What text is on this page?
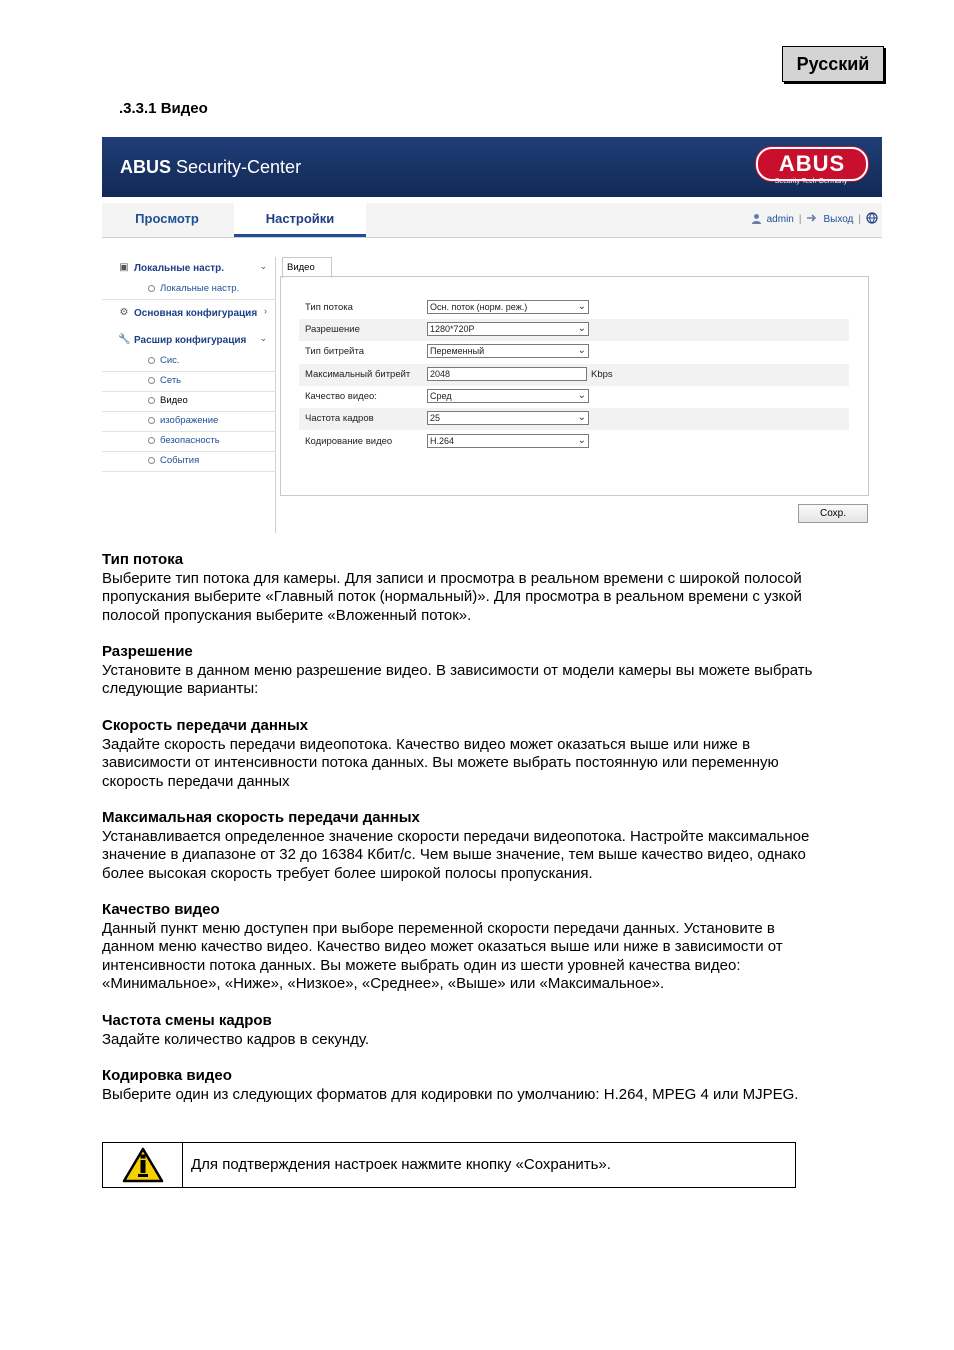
Русский
.3.3.1 Видео
ABUS Security-Center	ABUS
Security Tech Germany
Просмотр	Настройки	admin | Выход |
▣ Локальные настр.	⌄
Локальные настр.
⚙ Основная конфигурация ›
🔧 Расшир конфигурация ⌄
Сис.
Сеть
Видео
изображение
безопасность
События
Видео
Тип потока	Осн. поток (норм. реж.)	⌄
Разрешение	1280*720P	⌄
Тип битрейта	Переменный	⌄
Максимальный битрейт	2048	Kbps
Качество видео:	Сред	⌄
Частота кадров	25	⌄
Кодирование видео	H.264	⌄
Сохр.
Тип потока

Выберите тип потока для камеры. Для записи и просмотра в реальном времени с широкой полосой

пропускания выберите «Главный поток (нормальный)». Для просмотра в реальном времени с узкой

полосой пропускания выберите «Вложенный поток».

Разрешение

Установите в данном меню разрешение видео. В зависимости от модели камеры вы можете выбрать

следующие варианты:

Скорость передачи данных

Задайте скорость передачи видеопотока. Качество видео может оказаться выше или ниже в

зависимости от интенсивности потока данных. Вы можете выбрать постоянную или переменную

скорость передачи данных

Максимальная скорость передачи данных

Устанавливается определенное значение скорости передачи видеопотока. Настройте максимальное

значение в диапазоне от 32 до 16384 Кбит/с. Чем выше значение, тем выше качество видео, однако

более высокая скорость требует более широкой полосы пропускания.

Качество видео

Данный пункт меню доступен при выборе переменной скорости передачи данных. Установите в

данном меню качество видео. Качество видео может оказаться выше или ниже в зависимости от

интенсивности потока данных. Вы можете выбрать один из шести уровней качества видео:

«Минимальное», «Ниже», «Низкое», «Среднее», «Выше» или «Максимальное».

Частота смены кадров

Задайте количество кадров в секунду.

Кодировка видео

Выберите один из следующих форматов для кодировки по умолчанию: H.264, MPEG 4 или MJPEG.

Для подтверждения настроек нажмите кнопку «Сохранить».
